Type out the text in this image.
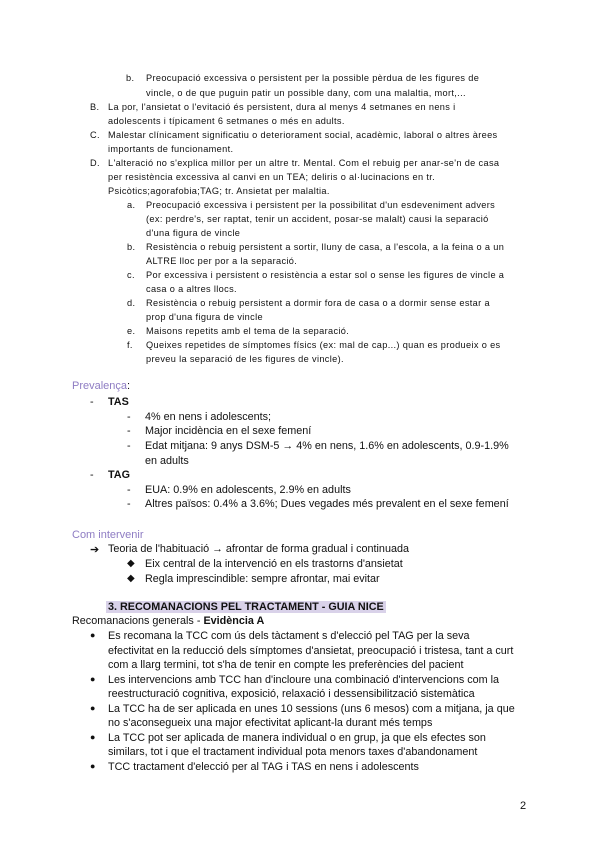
b. Preocupació excessiva o persistent per la possible pèrdua de les figures de
vincle, o de que puguin patir un possible dany, com una malaltia, mort,...
B. La por, l'ansietat o l'evitació és persistent, dura al menys 4 setmanes en nens i
adolescents i típicament 6 setmanes o més en adults.
C. Malestar clínicament significatiu o deteriorament social, acadèmic, laboral o altres àrees
importants de funcionament.
D. L'alteració no s'explica millor per un altre tr. Mental. Com el rebuig per anar-se'n de casa
per resistència excessiva al canvi en un TEA; deliris o al·lucinacions en tr.
Psicòtics;agorafobia;TAG; tr. Ansietat per malaltia.
a. Preocupació excessiva i persistent per la possibilitat d'un esdeveniment advers
(ex: perdre's, ser raptat, tenir un accident, posar-se malalt) causi la separació
d'una figura de vincle
b. Resistència o rebuig persistent a sortir, lluny de casa, a l'escola, a la feina o a un
ALTRE lloc per por a la separació.
c. Por excessiva i persistent o resistència a estar sol o sense les figures de vincle a
casa o a altres llocs.
d. Resistència o rebuig persistent a dormir fora de casa o a dormir sense estar a
prop d'una figura de vincle
e. Maisons repetits amb el tema de la separació.
f. Queixes repetides de símptomes físics (ex: mal de cap...) quan es produeix o es
preveu la separació de les figures de vincle).
Prevalença:
- TAS
- 4% en nens i adolescents;
- Major incidència en el sexe femení
- Edat mitjana: 9 anys DSM-5 → 4% en nens, 1.6% en adolescents, 0.9-1.9%
en adults
- TAG
- EUA: 0.9% en adolescents, 2.9% en adults
- Altres països: 0.4% a 3.6%; Dues vegades més prevalent en el sexe femení
Com intervenir
➔ Teoria de l'habituació → afrontar de forma gradual i continuada
◆ Eix central de la intervenció en els trastorns d'ansietat
◆ Regla imprescindible: sempre afrontar, mai evitar
3. RECOMANACIONS PEL TRACTAMENT - GUIA NICE
Recomanacions generals - Evidència A
● Es recomana la TCC com ús dels tàctament s d'elecció pel TAG per la seva
efectivitat en la reducció dels símptomes d'ansietat, preocupació i tristesa, tant a curt
com a llarg termini, tot s'ha de tenir en compte les preferències del pacient
● Les intervencions amb TCC han d'incloure una combinació d'intervencions com la
reestructuració cognitiva, exposició, relaxació i dessensibilització sistemàtica
● La TCC ha de ser aplicada en unes 10 sessions (uns 6 mesos) com a mitjana, ja que
no s'aconsegueix una major efectivitat aplicant-la durant més temps
● La TCC pot ser aplicada de manera individual o en grup, ja que els efectes son
similars, tot i que el tractament individual pota menors taxes d'abandonament
● TCC tractament d'elecció per al TAG i TAS en nens i adolescents
2
